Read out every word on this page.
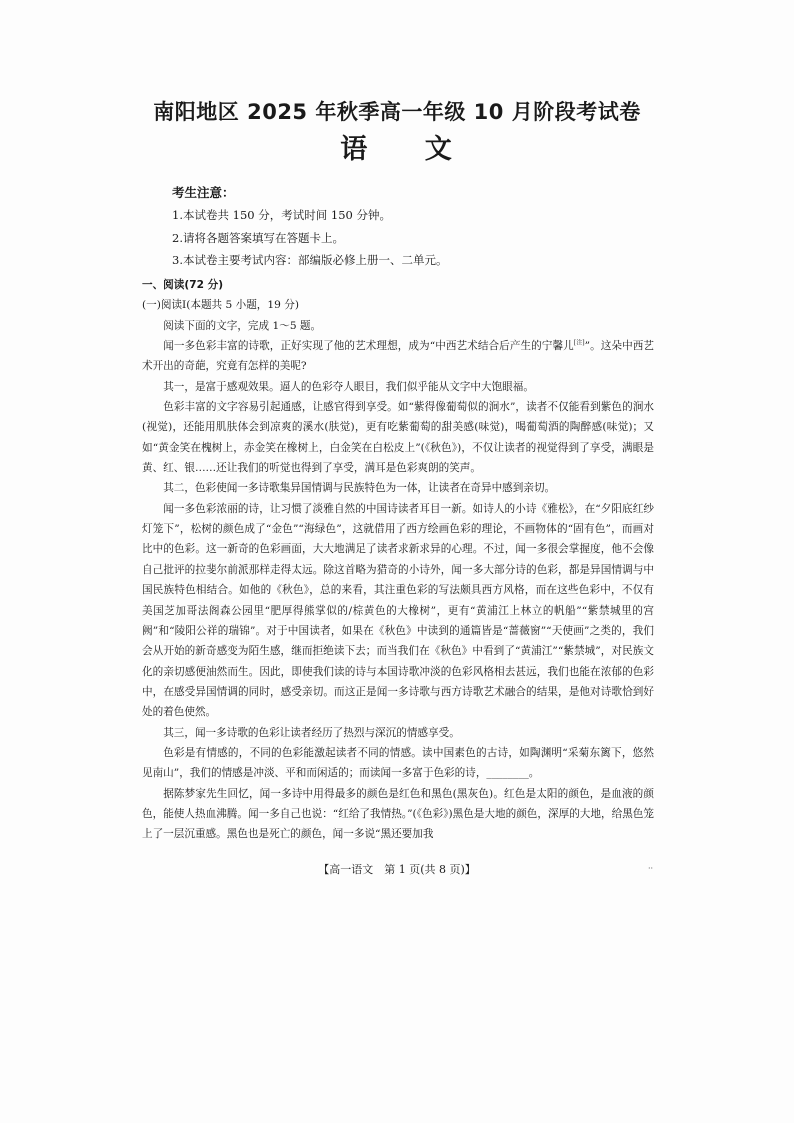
南阳地区 2025 年秋季高一年级 10 月阶段考试卷
语 文
考生注意：
1.本试卷共 150 分，考试时间 150 分钟。
2.请将各题答案填写在答题卡上。
3.本试卷主要考试内容：部编版必修上册一、二单元。

一、阅读(72 分)

(一)阅读Ⅰ(本题共 5 小题，19 分)

阅读下面的文字，完成 1～5 题。

闻一多色彩丰富的诗歌，正好实现了他的艺术理想，成为“中西艺术结合后产生的宁馨儿[注]”。这朵中西艺术开出的奇葩，究竟有怎样的美呢?

其一，是富于感观效果。逼人的色彩夺人眼目，我们似乎能从文字中大饱眼福。

色彩丰富的文字容易引起通感，让感官得到享受。如“紫得像葡萄似的涧水”，读者不仅能看到紫色的涧水(视觉)，还能用肌肤体会到凉爽的溪水(肤觉)，更有吃紫葡萄的甜美感(味觉)，喝葡萄酒的陶醉感(味觉)；又如“黄金笑在槐树上，赤金笑在橡树上，白金笑在白松皮上”(《秋色》)，不仅让读者的视觉得到了享受，满眼是黄、红、银……还让我们的听觉也得到了享受，满耳是色彩爽朗的笑声。

其二，色彩使闻一多诗歌集异国情调与民族特色为一体，让读者在奇异中感到亲切。

闻一多色彩浓丽的诗，让习惯了淡雅自然的中国诗读者耳目一新。如诗人的小诗《雅松》，在“夕阳底红纱灯笼下”，松树的颜色成了“金色”“海绿色”，这就借用了西方绘画色彩的理论，不画物体的“固有色”，而画对比中的色彩。这一新奇的色彩画面，大大地满足了读者求新求异的心理。不过，闻一多很会掌握度，他不会像自己批评的拉斐尔前派那样走得太远。除这首略为猎奇的小诗外，闻一多大部分诗的色彩，都是异国情调与中国民族特色相结合。如他的《秋色》，总的来看，其注重色彩的写法颇具西方风格，而在这些色彩中，不仅有美国芝加哥法阁森公园里“肥厚得熊掌似的/棕黄色的大橡树”，更有“黄浦江上林立的帆船”“紫禁城里的宫阙”和“陵阳公祥的瑞锦”。对于中国读者，如果在《秋色》中读到的通篇皆是“蔷薇窗”“天使画”之类的，我们会从开始的新奇感变为陌生感，继而拒绝读下去；而当我们在《秋色》中看到了“黄浦江”“紫禁城”，对民族文化的亲切感便油然而生。因此，即使我们读的诗与本国诗歌冲淡的色彩风格相去甚远，我们也能在浓郁的色彩中，在感受异国情调的同时，感受亲切。而这正是闻一多诗歌与西方诗歌艺术融合的结果，是他对诗歌恰到好处的着色使然。

其三，闻一多诗歌的色彩让读者经历了热烈与深沉的情感享受。

色彩是有情感的，不同的色彩能激起读者不同的情感。读中国素色的古诗，如陶渊明“采菊东篱下，悠然见南山”，我们的情感是冲淡、平和而闲适的；而读闻一多富于色彩的诗，________。

据陈梦家先生回忆，闻一多诗中用得最多的颜色是红色和黑色(黑灰色)。红色是太阳的颜色，是血液的颜色，能使人热血沸腾。闻一多自己也说：“红给了我情热。”(《色彩》)黑色是大地的颜色，深厚的大地，给黑色笼上了一层沉重感。黑色也是死亡的颜色，闻一多说“黑还要加我

【高一语文　第 1 页(共 8 页)】	··
